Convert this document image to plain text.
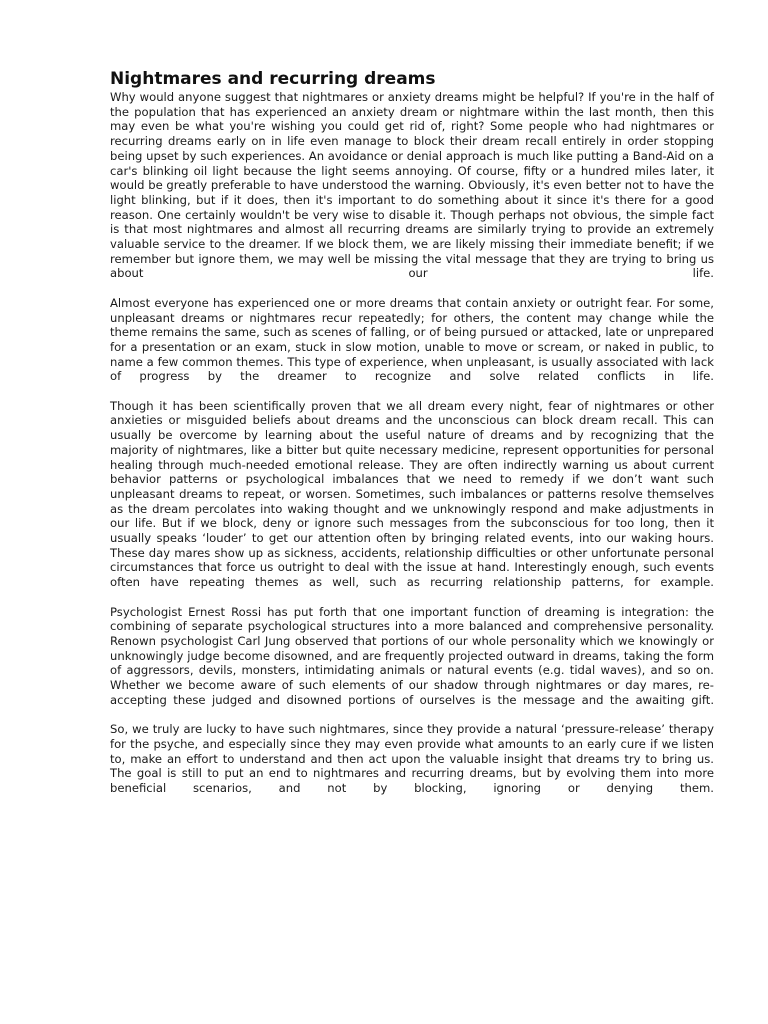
Nightmares and recurring dreams

Why would anyone suggest that nightmares or anxiety dreams might be helpful? If you're in the half of the population that has experienced an anxiety dream or nightmare within the last month, then this may even be what you're wishing you could get rid of, right? Some people who had nightmares or recurring dreams early on in life even manage to block their dream recall entirely in order stopping being upset by such experiences. An avoidance or denial approach is much like putting a Band-Aid on a car's blinking oil light because the light seems annoying. Of course, fifty or a hundred miles later, it would be greatly preferable to have understood the warning. Obviously, it's even better not to have the light blinking, but if it does, then it's important to do something about it since it's there for a good reason. One certainly wouldn't be very wise to disable it. Though perhaps not obvious, the simple fact is that most nightmares and almost all recurring dreams are similarly trying to provide an extremely valuable service to the dreamer. If we block them, we are likely missing their immediate benefit; if we remember but ignore them, we may well be missing the vital message that they are trying to bring us about our life.

Almost everyone has experienced one or more dreams that contain anxiety or outright fear. For some, unpleasant dreams or nightmares recur repeatedly; for others, the content may change while the theme remains the same, such as scenes of falling, or of being pursued or attacked, late or unprepared for a presentation or an exam, stuck in slow motion, unable to move or scream, or naked in public, to name a few common themes. This type of experience, when unpleasant, is usually associated with lack of progress by the dreamer to recognize and solve related conflicts in life.

Though it has been scientifically proven that we all dream every night, fear of nightmares or other anxieties or misguided beliefs about dreams and the unconscious can block dream recall. This can usually be overcome by learning about the useful nature of dreams and by recognizing that the majority of nightmares, like a bitter but quite necessary medicine, represent opportunities for personal healing through much-needed emotional release. They are often indirectly warning us about current behavior patterns or psychological imbalances that we need to remedy if we don’t want such unpleasant dreams to repeat, or worsen. Sometimes, such imbalances or patterns resolve themselves as the dream percolates into waking thought and we unknowingly respond and make adjustments in our life. But if we block, deny or ignore such messages from the subconscious for too long, then it usually speaks ‘louder’ to get our attention often by bringing related events, into our waking hours. These day mares show up as sickness, accidents, relationship difficulties or other unfortunate personal circumstances that force us outright to deal with the issue at hand. Interestingly enough, such events often have repeating themes as well, such as recurring relationship patterns, for example.

Psychologist Ernest Rossi has put forth that one important function of dreaming is integration: the combining of separate psychological structures into a more balanced and comprehensive personality. Renown psychologist Carl Jung observed that portions of our whole personality which we knowingly or unknowingly judge become disowned, and are frequently projected outward in dreams, taking the form of aggressors, devils, monsters, intimidating animals or natural events (e.g. tidal waves), and so on. Whether we become aware of such elements of our shadow through nightmares or day mares, re-accepting these judged and disowned portions of ourselves is the message and the awaiting gift.

So, we truly are lucky to have such nightmares, since they provide a natural ‘pressure-release’ therapy for the psyche, and especially since they may even provide what amounts to an early cure if we listen to, make an effort to understand and then act upon the valuable insight that dreams try to bring us. The goal is still to put an end to nightmares and recurring dreams, but by evolving them into more beneficial scenarios, and not by blocking, ignoring or denying them.
